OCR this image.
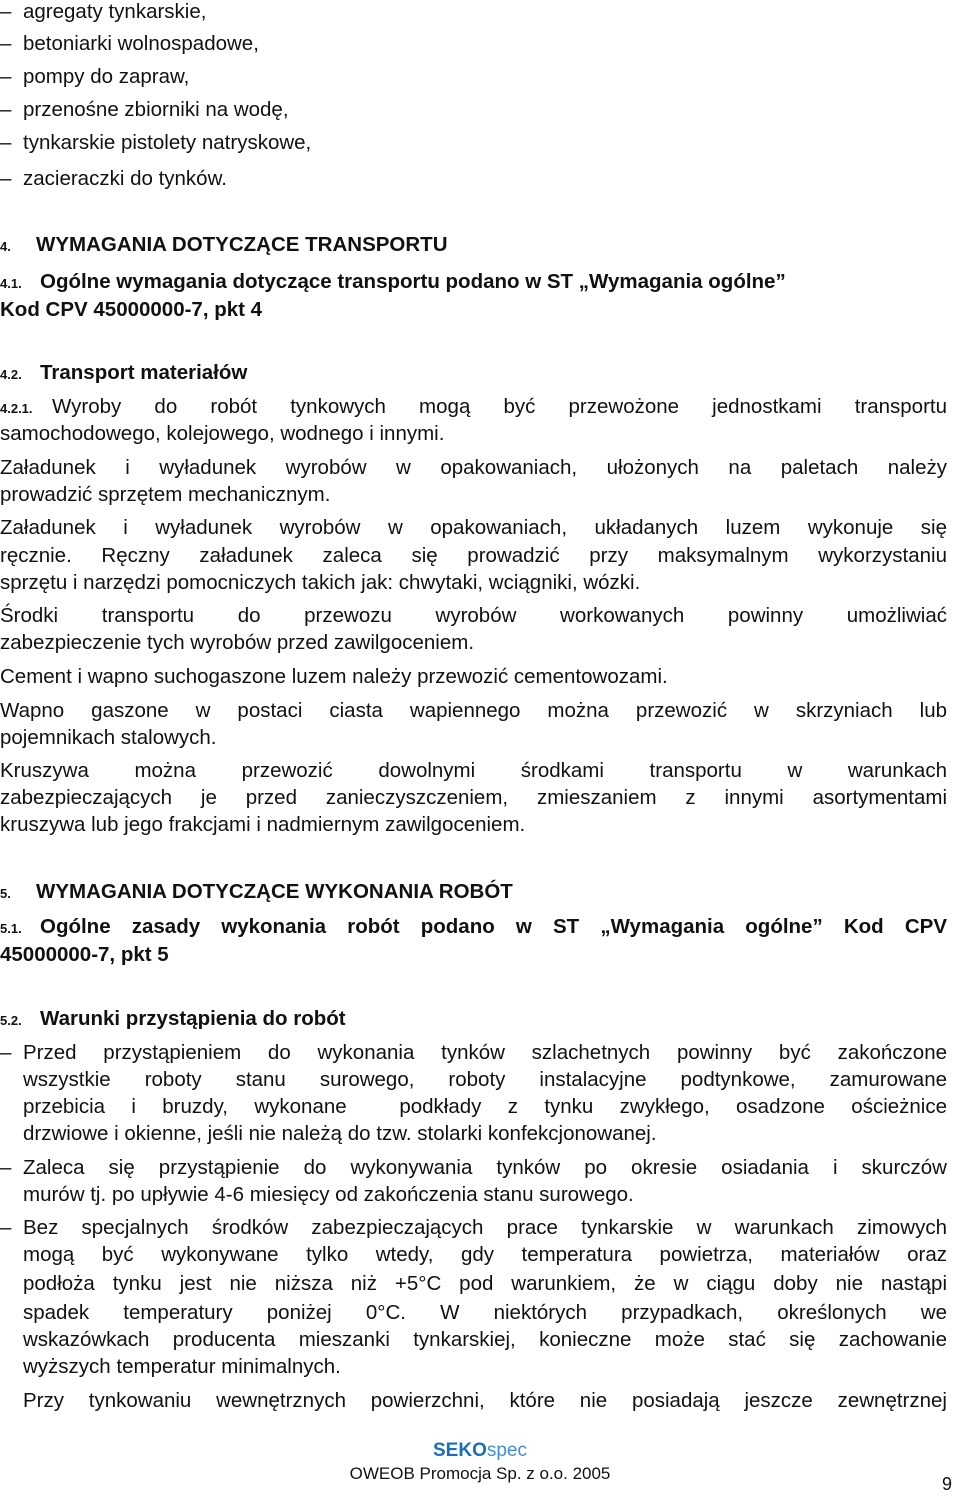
– agregaty tynkarskie,
– betoniarki wolnospadowe,
– pompy do zapraw,
– przenośne zbiorniki na wodę,
– tynkarskie pistolety natryskowe,
– zacieraczki do tynków.
4. WYMAGANIA DOTYCZĄCE TRANSPORTU
4.1. Ogólne wymagania dotyczące transportu podano w ST „Wymagania ogólne”
Kod CPV 45000000-7, pkt 4
4.2. Transport materiałów
4.2.1. Wyroby do robót tynkowych mogą być przewożone jednostkami transportu
samochodowego, kolejowego, wodnego i innymi.
Załadunek i wyładunek wyrobów w opakowaniach, ułożonych na paletach należy
prowadzić sprzętem mechanicznym.
Załadunek i wyładunek wyrobów w opakowaniach, układanych luzem wykonuje się
ręcznie. Ręczny załadunek zaleca się prowadzić przy maksymalnym wykorzystaniu
sprzętu i narzędzi pomocniczych takich jak: chwytaki, wciągniki, wózki.
Środki transportu do przewozu wyrobów workowanych powinny umożliwiać
zabezpieczenie tych wyrobów przed zawilgoceniem.
Cement i wapno suchogaszone luzem należy przewozić cementowozami.
Wapno gaszone w postaci ciasta wapiennego można przewozić w skrzyniach lub
pojemnikach stalowych.
Kruszywa można przewozić dowolnymi środkami transportu w warunkach
zabezpieczających je przed zanieczyszczeniem, zmieszaniem z innymi asortymentami
kruszywa lub jego frakcjami i nadmiernym zawilgoceniem.
5. WYMAGANIA DOTYCZĄCE WYKONANIA ROBÓT
5.1. Ogólne zasady wykonania robót podano w ST „Wymagania ogólne” Kod CPV
45000000-7, pkt 5
5.2. Warunki przystąpienia do robót
– Przed przystąpieniem do wykonania tynków szlachetnych powinny być zakończone
wszystkie roboty stanu surowego, roboty instalacyjne podtynkowe, zamurowane
przebicia i bruzdy, wykonane  podkłady z tynku zwykłego, osadzone ościeżnice
drzwiowe i okienne, jeśli nie należą do tzw. stolarki konfekcjonowanej.
– Zaleca się przystąpienie do wykonywania tynków po okresie osiadania i skurczów
murów tj. po upływie 4-6 miesięcy od zakończenia stanu surowego.
– Bez specjalnych środków zabezpieczających prace tynkarskie w warunkach zimowych
mogą być wykonywane tylko wtedy, gdy temperatura powietrza, materiałów oraz
podłoża tynku jest nie niższa niż +5°C pod warunkiem, że w ciągu doby nie nastąpi
spadek temperatury poniżej 0°C. W niektórych przypadkach, określonych we
wskazówkach producenta mieszanki tynkarskiej, konieczne może stać się zachowanie
wyższych temperatur minimalnych.
Przy tynkowaniu wewnętrznych powierzchni, które nie posiadają jeszcze zewnętrznej
SEKOspec
OWEOB Promocja Sp. z o.o. 2005
9
